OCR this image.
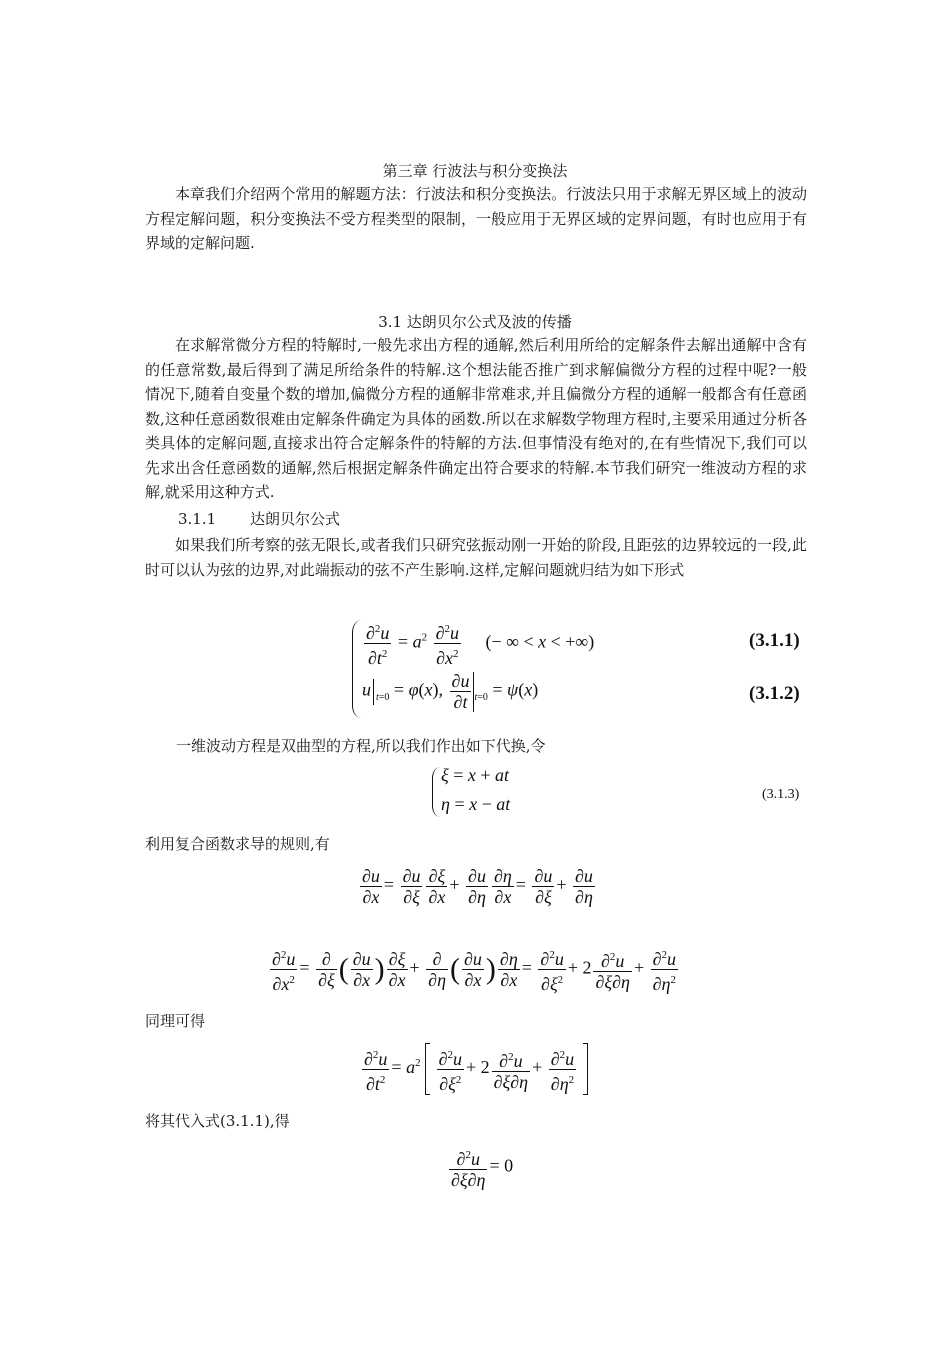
第三章 行波法与积分变换法

本章我们介绍两个常用的解题方法：行波法和积分变换法。行波法只用于求解无界区域上的波动方程定解问题，积分变换法不受方程类型的限制，一般应用于无界区域的定界问题，有时也应用于有界域的定解问题.

3.1 达朗贝尔公式及波的传播

在求解常微分方程的特解时,一般先求出方程的通解,然后利用所给的定解条件去解出通解中含有的任意常数,最后得到了满足所给条件的特解.这个想法能否推广到求解偏微分方程的过程中呢?一般情况下,随着自变量个数的增加,偏微分方程的通解非常难求,并且偏微分方程的通解一般都含有任意函数,这种任意函数很难由定解条件确定为具体的函数.所以在求解数学物理方程时,主要采用通过分析各类具体的定解问题,直接求出符合定解条件的特解的方法.但事情没有绝对的,在有些情况下,我们可以先求出含任意函数的通解,然后根据定解条件确定出符合要求的特解.本节我们研究一维波动方程的求解,就采用这种方式.

3.1.1 达朗贝尔公式

如果我们所考察的弦无限长,或者我们只研究弦振动刚一开始的阶段,且距弦的边界较远的一段,此时可以认为弦的边界,对此端振动的弦不产生影响.这样,定解问题就归结为如下形式

$\frac{\partial^2u}{\partial t^2} = a^2 \frac{\partial^2u}{\partial x^2}$ (− ∞ < x < +∞)	(3.1.1)
u $_{t=0}$ = φ(x), $\frac{\partial u}{\partial t} _{t=0} = \psi(x)$	(3.1.2)
一维波动方程是双曲型的方程,所以我们作出如下代换,令
ξ = x + at
η = x − at	(3.1.3)
利用复合函数求导的规则,有
$\frac{\partial u}{\partial x} = \frac{\partial u}{\partial\xi} \frac{\partial\xi}{\partial x} + \frac{\partial u}{\partial\eta} \frac{\partial\eta}{\partial x} = \frac{\partial u}{\partial\xi} + \frac{\partial u}{\partial\eta}$
$\frac{\partial^2u}{\partial x^2} = \frac{\partial}{\partial\xi}$ ( $\frac{\partial u}{\partial x}$ ) $\frac{\partial\xi}{\partial x} + \frac{\partial}{\partial\eta}$ ( $\frac{\partial u}{\partial x}$ ) $\frac{\partial\eta}{\partial x} = \frac{\partial^2u}{\partial\xi^2} + 2 \frac{\partial^2u}{\partial\xi\partial\eta} + \frac{\partial^2u}{\partial\eta^2}$
同理可得
$\frac{\partial^2u}{\partial t^2} = a^2 \frac{\partial^2u}{\partial\xi^2} + 2 \frac{\partial^2u}{\partial\xi\partial\eta} + \frac{\partial^2u}{\partial\eta^2}$

将其代入式(3.1.1),得
$\frac{\partial^2u}{\partial\xi\partial\eta} = 0$
